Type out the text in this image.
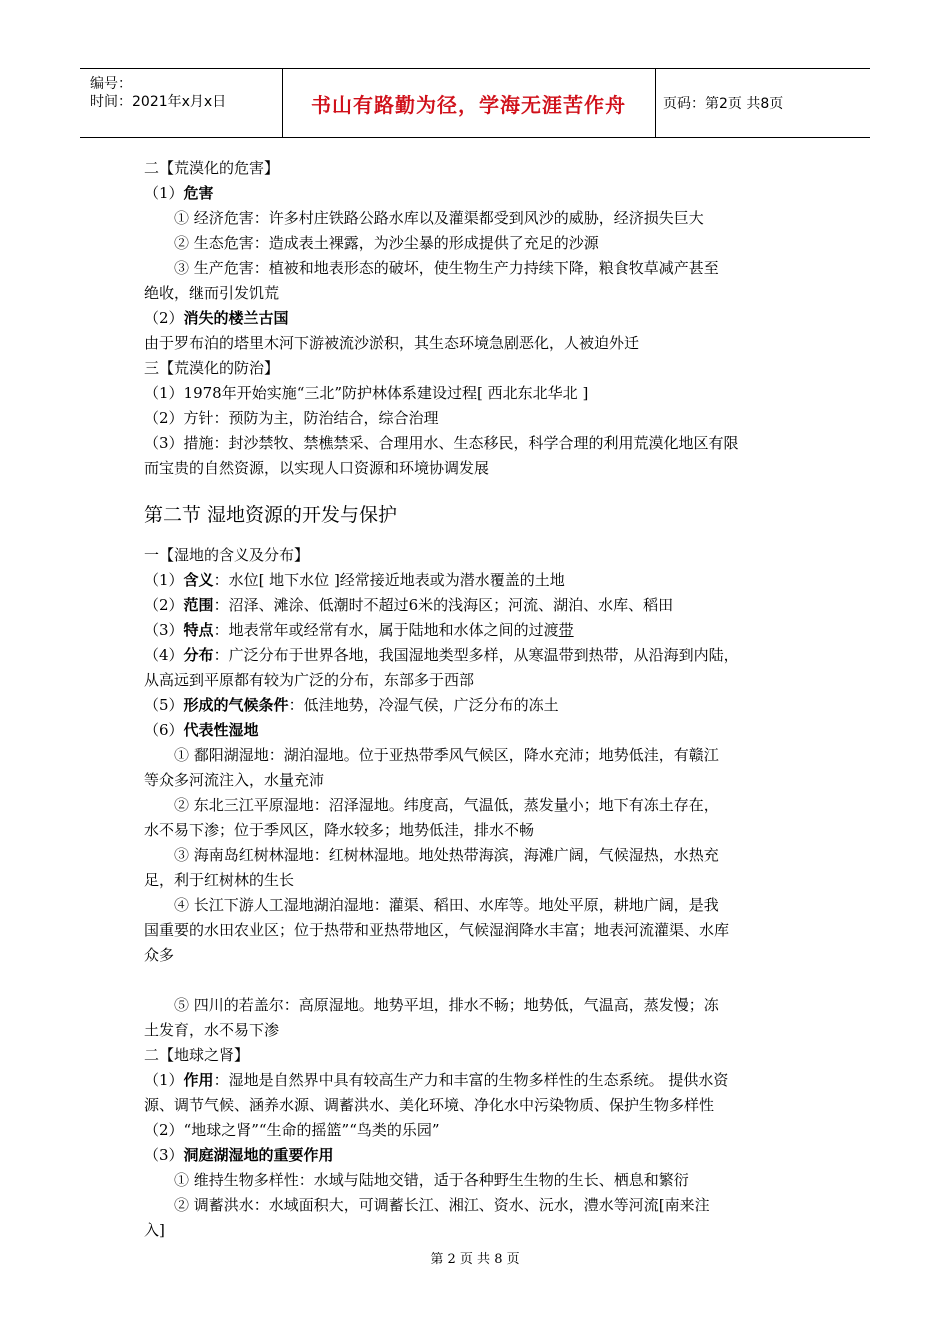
编号：
时间：2021年x月x日	书山有路勤为径，学海无涯苦作舟	页码：第2页 共8页
二【荒漠化的危害】
（1）危害
① 经济危害：许多村庄铁路公路水库以及灌渠都受到风沙的威胁，经济损失巨大
② 生态危害：造成表土裸露，为沙尘暴的形成提供了充足的沙源
③ 生产危害：植被和地表形态的破坏，使生物生产力持续下降，粮食牧草减产甚至
绝收，继而引发饥荒
（2）消失的楼兰古国
由于罗布泊的塔里木河下游被流沙淤积，其生态环境急剧恶化，人被迫外迁
三【荒漠化的防治】
（1）1978年开始实施“三北”防护林体系建设过程[ 西北东北华北 ]
（2）方针：预防为主，防治结合，综合治理
（3）措施：封沙禁牧、禁樵禁采、合理用水、生态移民，科学合理的利用荒漠化地区有限
而宝贵的自然资源，以实现人口资源和环境协调发展
第二节 湿地资源的开发与保护
一【湿地的含义及分布】
（1）含义：水位[ 地下水位 ]经常接近地表或为潜水覆盖的土地
（2）范围：沼泽、滩涂、低潮时不超过6米的浅海区；河流、湖泊、水库、稻田
（3）特点：地表常年或经常有水，属于陆地和水体之间的过渡带
（4）分布：广泛分布于世界各地，我国湿地类型多样，从寒温带到热带，从沿海到内陆，
从高远到平原都有较为广泛的分布，东部多于西部
（5）形成的气候条件：低洼地势，冷湿气侯，广泛分布的冻土
（6）代表性湿地
① 鄱阳湖湿地：湖泊湿地。位于亚热带季风气候区，降水充沛；地势低洼，有赣江
等众多河流注入，水量充沛
② 东北三江平原湿地：沼泽湿地。纬度高，气温低，蒸发量小；地下有冻土存在，
水不易下渗；位于季风区，降水较多；地势低洼，排水不畅
③ 海南岛红树林湿地：红树林湿地。地处热带海滨，海滩广阔，气候湿热，水热充
足，利于红树林的生长
④ 长江下游人工湿地湖泊湿地：灌渠、稻田、水库等。地处平原，耕地广阔，是我
国重要的水田农业区；位于热带和亚热带地区，气候湿润降水丰富；地表河流灌渠、水库
众多
⑤ 四川的若盖尔：高原湿地。地势平坦，排水不畅；地势低，气温高，蒸发慢；冻
土发育，水不易下渗
二【地球之肾】
（1）作用：湿地是自然界中具有较高生产力和丰富的生物多样性的生态系统。 提供水资
源、调节气候、涵养水源、调蓄洪水、美化环境、净化水中污染物质、保护生物多样性
（2）“地球之肾”“生命的摇篮”“鸟类的乐园”
（3）洞庭湖湿地的重要作用
① 维持生物多样性：水域与陆地交错，适于各种野生生物的生长、栖息和繁衍
② 调蓄洪水：水域面积大，可调蓄长江、湘江、资水、沅水，澧水等河流[南来注
入]
第 2 页 共 8 页
